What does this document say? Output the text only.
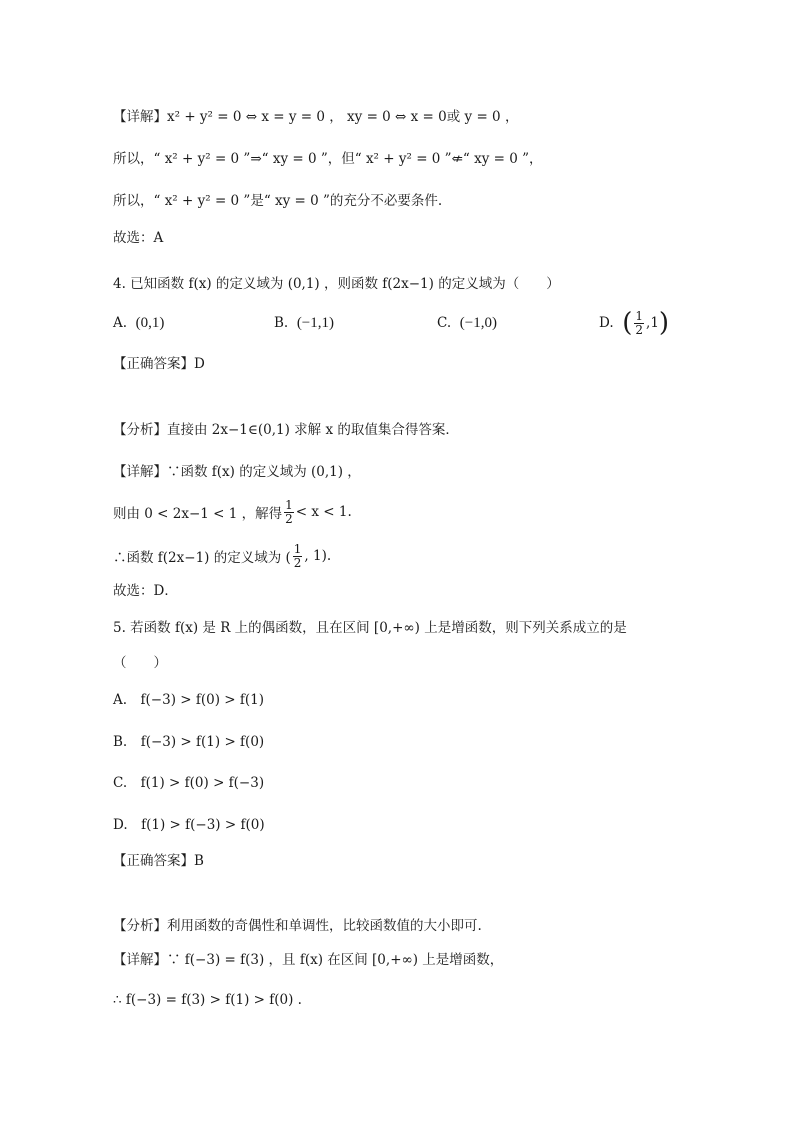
【详解】x² + y² = 0 ⇔ x = y = 0 ， xy = 0 ⇔ x = 0或 y = 0 ，
所以，“ x² + y² = 0 ”⇒“ xy = 0 ”，但“ x² + y² = 0 ”⇍“ xy = 0 ”，
所以，“ x² + y² = 0 ”是“ xy = 0 ”的充分不必要条件.
故选：A
4. 已知函数 f(x) 的定义域为 (0,1) ，则函数 f(2x−1) 的定义域为（　　）
A.
(0,1)	B.
(−1,1)	C.
(−1,0)	D.
( $\frac{1}{2} ,1$ )
【正确答案】D
【分析】直接由 2x−1∈(0,1) 求解 x 的取值集合得答案．
【详解】∵函数 f(x) 的定义域为 (0,1) ，
则由 0 < 2x−1 < 1 ，解得 $\frac{1}{2} < x < 1$.
∴函数 f(2x−1) 的定义域为 ( $\frac{1}{2}$ , 1).
故选：D．
5. 若函数 f(x) 是 R 上的偶函数，且在区间 [0,+∞) 上是增函数，则下列关系成立的是
（　　）
A.　f(−3) > f(0) > f(1)
B.　f(−3) > f(1) > f(0)
C.　f(1) > f(0) > f(−3)
D.　f(1) > f(−3) > f(0)
【正确答案】B
【分析】利用函数的奇偶性和单调性，比较函数值的大小即可.
【详解】∵ f(−3) = f(3) ，且 f(x) 在区间 [0,+∞) 上是增函数，
∴ f(−3) = f(3) > f(1) > f(0) .
